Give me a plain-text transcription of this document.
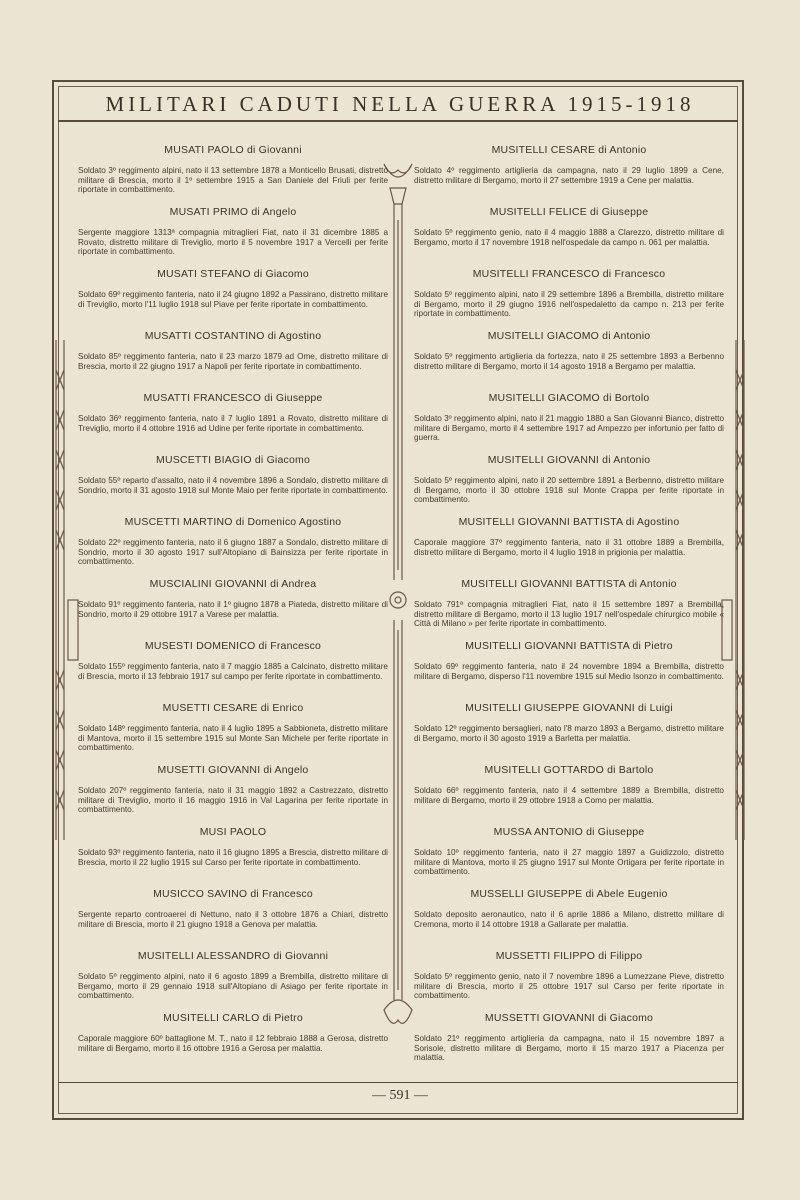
MILITARI CADUTI NELLA GUERRA 1915-1918
MUSATI PAOLO di Giovanni

Soldato 3º reggimento alpini, nato il 13 settembre 1878 a Monticello Brusati, distretto militare di Brescia, morto il 1º settembre 1915 a San Daniele del Friuli per ferite riportate in combattimento.

MUSATI PRIMO di Angelo

Sergente maggiore 1313ª compagnia mitraglieri Fiat, nato il 31 dicembre 1885 a Rovato, distretto militare di Treviglio, morto il 5 novembre 1917 a Vercelli per ferite riportate in combattimento.

MUSATI STEFANO di Giacomo

Soldato 69º reggimento fanteria, nato il 24 giugno 1892 a Passirano, distretto militare di Treviglio, morto l'11 luglio 1918 sul Piave per ferite riportate in combattimento.

MUSATTI COSTANTINO di Agostino

Soldato 85º reggimento fanteria, nato il 23 marzo 1879 ad Ome, distretto militare di Brescia, morto il 22 giugno 1917 a Napoli per ferite riportate in combattimento.

MUSATTI FRANCESCO di Giuseppe

Soldato 36º reggimento fanteria, nato il 7 luglio 1891 a Rovato, distretto militare di Treviglio, morto il 4 ottobre 1916 ad Udine per ferite riportate in combattimento.

MUSCETTI BIAGIO di Giacomo

Soldato 55º reparto d'assalto, nato il 4 novembre 1896 a Sondalo, distretto militare di Sondrio, morto il 31 agosto 1918 sul Monte Maio per ferite riportate in combattimento.

MUSCETTI MARTINO di Domenico Agostino

Soldato 22º reggimento fanteria, nato il 6 giugno 1887 a Sondalo, distretto militare di Sondrio, morto il 30 agosto 1917 sull'Altopiano di Bainsizza per ferite riportate in combattimento.

MUSCIALINI GIOVANNI di Andrea

Soldato 91º reggimento fanteria, nato il 1º giugno 1878 a Piateda, distretto militare di Sondrio, morto il 29 ottobre 1917 a Varese per malattia.

MUSESTI DOMENICO di Francesco

Soldato 155º reggimento fanteria, nato il 7 maggio 1885 a Calcinato, distretto militare di Brescia, morto il 13 febbraio 1917 sul campo per ferite riportate in combattimento.

MUSETTI CESARE di Enrico

Soldato 148º reggimento fanteria, nato il 4 luglio 1895 a Sabbioneta, distretto militare di Mantova, morto il 15 settembre 1915 sul Monte San Michele per ferite riportate in combattimento.

MUSETTI GIOVANNI di Angelo

Soldato 207º reggimento fanteria, nato il 31 maggio 1892 a Castrezzato, distretto militare di Treviglio, morto il 16 maggio 1916 in Val Lagarina per ferite riportate in combattimento.

MUSI PAOLO

Soldato 93º reggimento fanteria, nato il 16 giugno 1895 a Brescia, distretto militare di Brescia, morto il 22 luglio 1915 sul Carso per ferite riportate in combattimento.

MUSICCO SAVINO di Francesco

Sergente reparto controaerei di Nettuno, nato il 3 ottobre 1876 a Chiari, distretto militare di Brescia, morto il 21 giugno 1918 a Genova per malattia.

MUSITELLI ALESSANDRO di Giovanni

Soldato 5º reggimento alpini, nato il 6 agosto 1899 a Brembilla, distretto militare di Bergamo, morto il 29 gennaio 1918 sull'Altopiano di Asiago per ferite riportate in combattimento.

MUSITELLI CARLO di Pietro

Caporale maggiore 60º battaglione M. T., nato il 12 febbraio 1888 a Gerosa, distretto militare di Bergamo, morto il 16 ottobre 1916 a Gerosa per malattia.

MUSITELLI CESARE di Antonio

Soldato 4º reggimento artiglieria da campagna, nato il 29 luglio 1899 a Cene, distretto militare di Bergamo, morto il 27 settembre 1919 a Cene per malattia.

MUSITELLI FELICE di Giuseppe

Soldato 5º reggimento genio, nato il 4 maggio 1888 a Clarezzo, distretto militare di Bergamo, morto il 17 novembre 1918 nell'ospedale da campo n. 061 per malattia.

MUSITELLI FRANCESCO di Francesco

Soldato 5º reggimento alpini, nato il 29 settembre 1896 a Brembilla, distretto militare di Bergamo, morto il 29 giugno 1916 nell'ospedaletto da campo n. 213 per ferite riportate in combattimento.

MUSITELLI GIACOMO di Antonio

Soldato 5º reggimento artiglieria da fortezza, nato il 25 settembre 1893 a Berbenno distretto militare di Bergamo, morto il 14 agosto 1918 a Bergamo per malattia.

MUSITELLI GIACOMO di Bortolo

Soldato 3º reggimento alpini, nato il 21 maggio 1880 a San Giovanni Bianco, distretto militare di Bergamo, morto il 4 settembre 1917 ad Ampezzo per infortunio per fatto di guerra.

MUSITELLI GIOVANNI di Antonio

Soldato 5º reggimento alpini, nato il 20 settembre 1891 a Berbenno, distretto militare di Bergamo, morto il 30 ottobre 1918 sul Monte Crappa per ferite riportate in combattimento.

MUSITELLI GIOVANNI BATTISTA di Agostino

Caporale maggiore 37º reggimento fanteria, nato il 31 ottobre 1889 a Brembilla, distretto militare di Bergamo, morto il 4 luglio 1918 in prigionia per malattia.

MUSITELLI GIOVANNI BATTISTA di Antonio

Soldato 791ª compagnia mitraglieri Fiat, nato il 15 settembre 1897 a Brembilla, distretto militare di Bergamo, morto il 13 luglio 1917 nell'ospedale chirurgico mobile « Città di Milano » per ferite riportate in combattimento.

MUSITELLI GIOVANNI BATTISTA di Pietro

Soldato 69º reggimento fanteria, nato il 24 novembre 1894 a Brembilla, distretto militare di Bergamo, disperso l'11 novembre 1915 sul Medio Isonzo in combattimento.

MUSITELLI GIUSEPPE GIOVANNI di Luigi

Soldato 12º reggimento bersaglieri, nato l'8 marzo 1893 a Bergamo, distretto militare di Bergamo, morto il 30 agosto 1919 a Barletta per malattia.

MUSITELLI GOTTARDO di Bartolo

Soldato 66º reggimento fanteria, nato il 4 settembre 1889 a Brembilla, distretto militare di Bergamo, morto il 29 ottobre 1918 a Como per malattia.

MUSSA ANTONIO di Giuseppe

Soldato 10º reggimento fanteria, nato il 27 maggio 1897 a Guidizzolo, distretto militare di Mantova, morto il 25 giugno 1917 sul Monte Ortigara per ferite riportate in combattimento.

MUSSELLI GIUSEPPE di Abele Eugenio

Soldato deposito aeronautico, nato il 6 aprile 1886 a Milano, distretto militare di Cremona, morto il 14 ottobre 1918 a Gallarate per malattia.

MUSSETTI FILIPPO di Filippo

Soldato 5º reggimento genio, nato il 7 novembre 1896 a Lumezzane Pieve, distretto militare di Brescia, morto il 25 ottobre 1917 sul Carso per ferite riportate in combattimento.

MUSSETTI GIOVANNI di Giacomo

Soldato 21º reggimento artiglieria da campagna, nato il 15 novembre 1897 a Sorisole, distretto militare di Bergamo, morto il 15 marzo 1917 a Piacenza per malattia.

— 591 —
